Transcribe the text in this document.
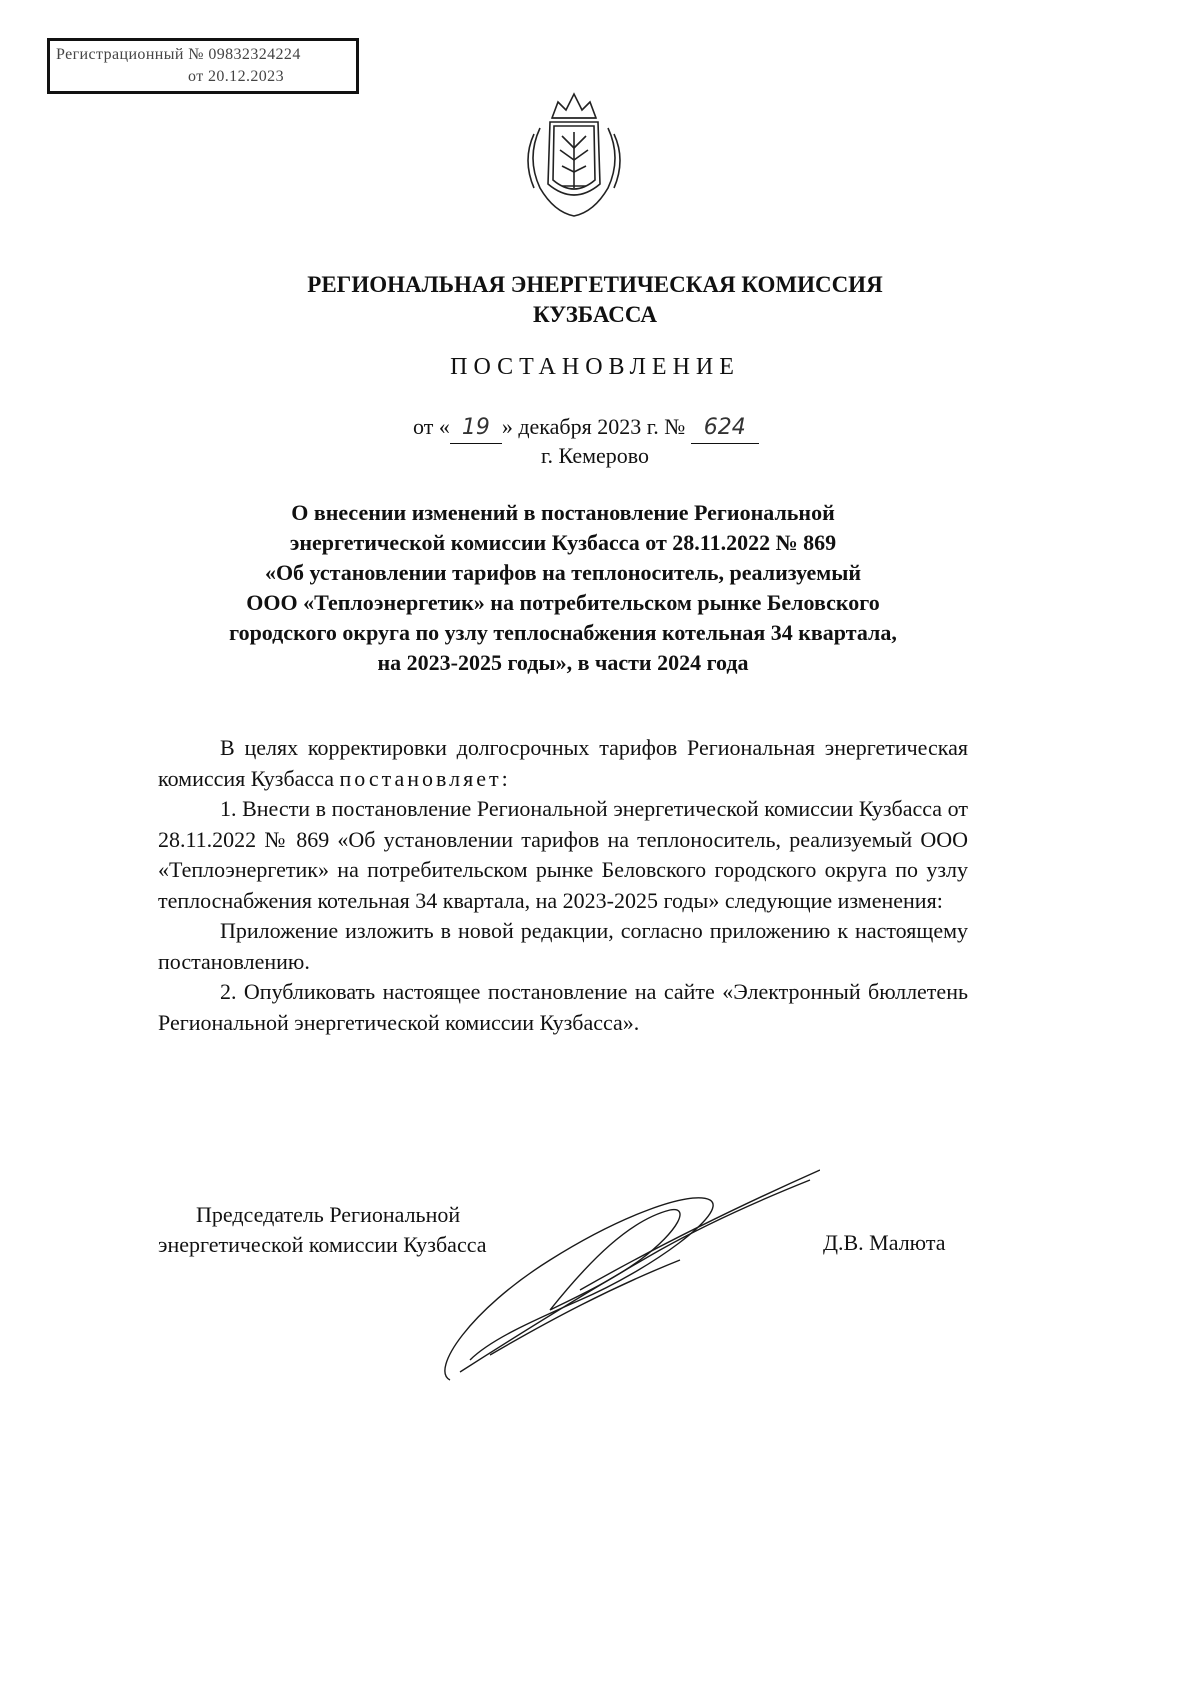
Регистрационный № 09832324224
от 20.12.2023
РЕГИОНАЛЬНАЯ ЭНЕРГЕТИЧЕСКАЯ КОМИССИЯ
КУЗБАССА
ПОСТАНОВЛЕНИЕ
от « 19 » декабря 2023 г. № 624
г. Кемерово
О внесении изменений в постановление Региональной
энергетической комиссии Кузбасса от 28.11.2022 № 869
«Об установлении тарифов на теплоноситель, реализуемый
ООО «Теплоэнергетик» на потребительском рынке Беловского
городского округа по узлу теплоснабжения котельная 34 квартала,
на 2023-2025 годы», в части 2024 года

В целях корректировки долгосрочных тарифов Региональная энергетическая комиссия Кузбасса постановляет:

1. Внести в постановление Региональной энергетической комиссии Кузбасса от 28.11.2022 № 869 «Об установлении тарифов на теплоноситель, реализуемый ООО «Теплоэнергетик» на потребительском рынке Беловского городского округа по узлу теплоснабжения котельная 34 квартала, на 2023-2025 годы» следующие изменения:

Приложение изложить в новой редакции, согласно приложению к настоящему постановлению.

2. Опубликовать настоящее постановление на сайте «Электронный бюллетень Региональной энергетической комиссии Кузбасса».

Председатель Региональной
энергетической комиссии Кузбасса	Д.В. Малюта
